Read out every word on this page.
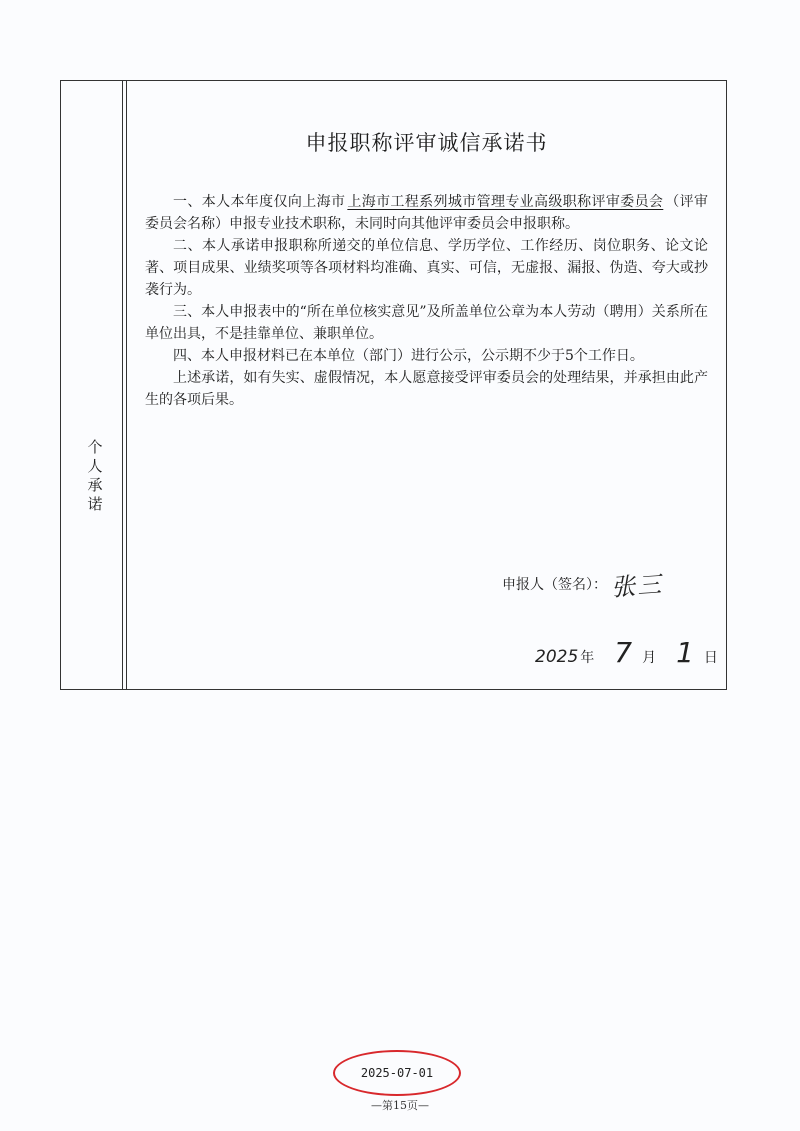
个人承诺
申报职称评审诚信承诺书

一、本人本年度仅向上海市 上海市工程系列城市管理专业高级职称评审委员会 （评审委员会名称）申报专业技术职称，未同时向其他评审委员会申报职称。

二、本人承诺申报职称所递交的单位信息、学历学位、工作经历、岗位职务、论文论著、项目成果、业绩奖项等各项材料均准确、真实、可信，无虚报、漏报、伪造、夸大或抄袭行为。

三、本人申报表中的“所在单位核实意见”及所盖单位公章为本人劳动（聘用）关系所在单位出具，不是挂靠单位、兼职单位。

四、本人申报材料已在本单位（部门）进行公示，公示期不少于5个工作日。

上述承诺，如有失实、虚假情况，本人愿意接受评审委员会的处理结果，并承担由此产生的各项后果。

申报人（签名）： 张三
2025 年 7 月 1 日
2025-07-01
—第15页—
